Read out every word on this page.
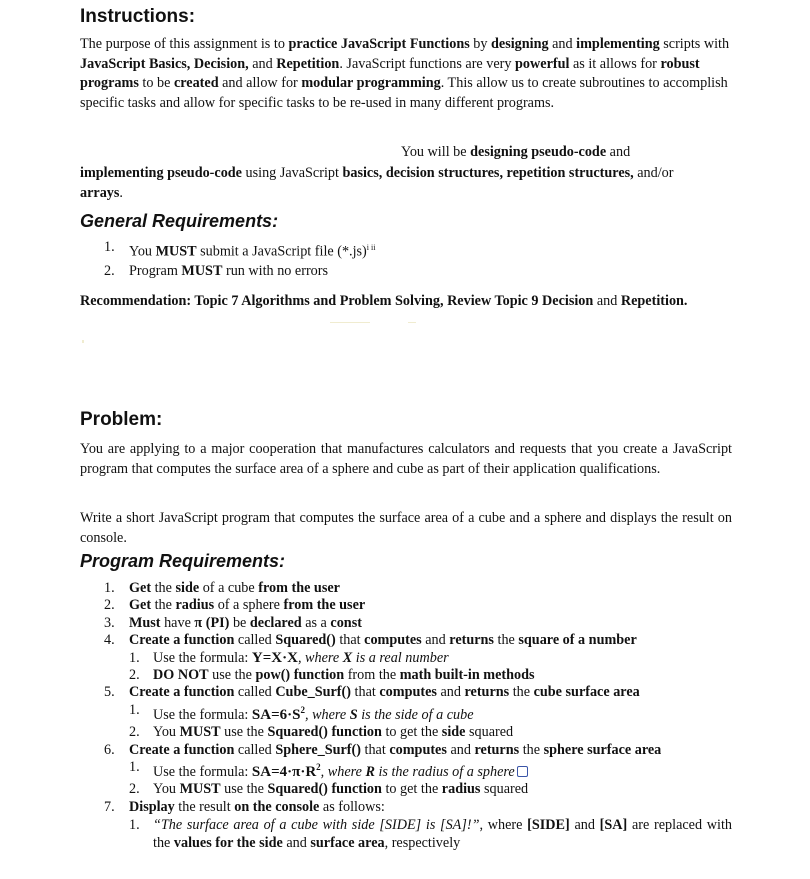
Instructions:
The purpose of this assignment is to practice JavaScript Functions by designing and implementing scripts with JavaScript Basics, Decision, and Repetition. JavaScript functions are very powerful as it allows for robust programs to be created and allow for modular programming. This allow us to create subroutines to accomplish specific tasks and allow for specific tasks to be re-used in many different programs.
You will be designing pseudo-code and
implementing pseudo-code using JavaScript basics, decision structures, repetition structures, and/or
arrays.
General Requirements:
1. You MUST submit a JavaScript file $(*.js)^{i ii}$
2. Program MUST run with no errors
Recommendation: Topic 7 Algorithms and Problem Solving, Review Topic 9 Decision and Repetition.
Problem:
You are applying to a major cooperation that manufactures calculators and requests that you create a JavaScript program that computes the surface area of a sphere and cube as part of their application qualifications.
Write a short JavaScript program that computes the surface area of a cube and a sphere and displays the result on console.
Program Requirements:
1. Get the side of a cube from the user
2. Get the radius of a sphere from the user
3. Must have π (PI) be declared as a const
4. Create a function called Squared() that computes and returns the square of a number
1. Use the formula: Y=X·X, where X is a real number
2. DO NOT use the pow() function from the math built-in methods
5. Create a function called Cube_Surf() that computes and returns the cube surface area
1. Use the formula: $SA=6\cdot S^2$, where S is the side of a cube
2. You MUST use the Squared() function to get the side squared
6. Create a function called Sphere_Surf() that computes and returns the sphere surface area
1. Use the formula: $SA=4\cdot\pi\cdot R^2$, where R is the radius of a sphere
2. You MUST use the Squared() function to get the radius squared
7. Display the result on the console as follows:
1. “The surface area of a cube with side [SIDE] is [SA]!”, where [SIDE] and [SA] are replaced with the values for the side and surface area, respectively
